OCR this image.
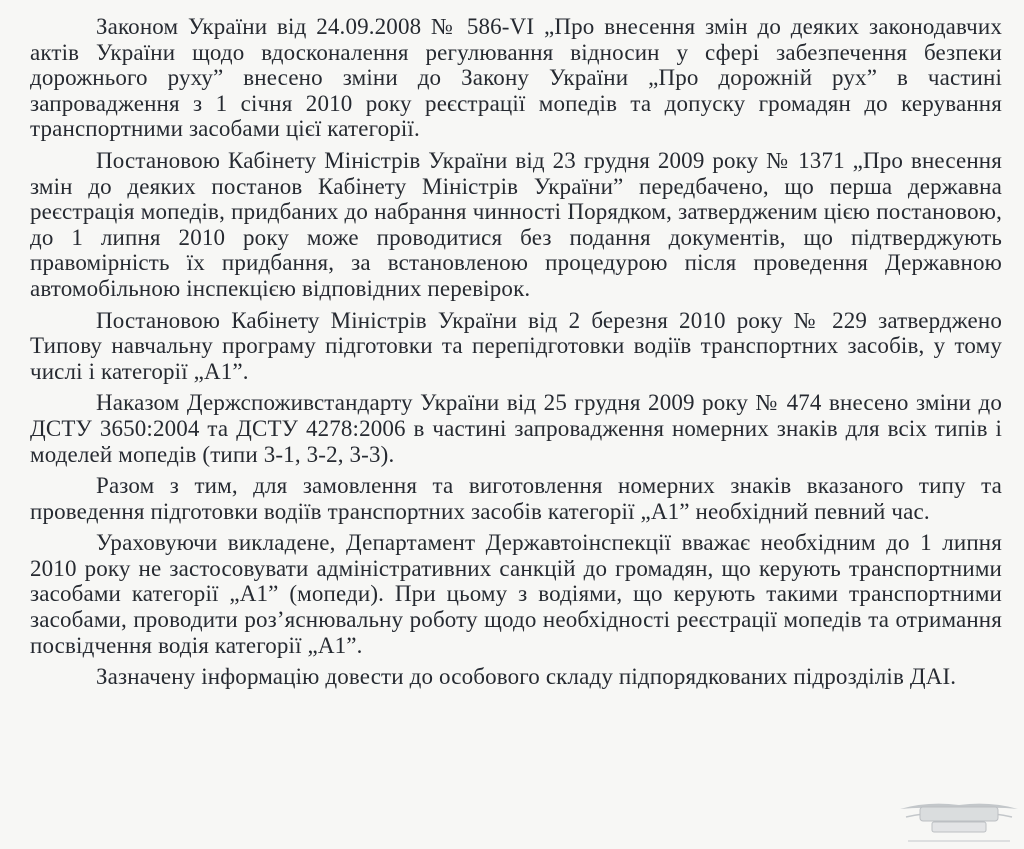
Законом України від 24.09.2008 № 586-VI „Про внесення змін до деяких законодавчих актів України щодо вдосконалення регулювання відносин у сфері забезпечення безпеки дорожнього руху” внесено зміни до Закону України „Про дорожній рух” в частині запровадження з 1 січня 2010 року реєстрації мопедів та допуску громадян до керування транспортними засобами цієї категорії.

Постановою Кабінету Міністрів України від 23 грудня 2009 року № 1371 „Про внесення змін до деяких постанов Кабінету Міністрів України” передбачено, що перша державна реєстрація мопедів, придбаних до набрання чинності Порядком, затвердженим цією постановою, до 1 липня 2010 року може проводитися без подання документів, що підтверджують правомірність їх придбання, за встановленою процедурою після проведення Державною автомобільною інспекцією відповідних перевірок.

Постановою Кабінету Міністрів України від 2 березня 2010 року № 229 затверджено Типову навчальну програму підготовки та перепідготовки водіїв транспортних засобів, у тому числі і категорії „А1”.

Наказом Держспоживстандарту України від 25 грудня 2009 року № 474 внесено зміни до ДСТУ 3650:2004 та ДСТУ 4278:2006 в частині запровадження номерних знаків для всіх типів і моделей мопедів (типи 3-1, 3-2, 3-3).

Разом з тим, для замовлення та виготовлення номерних знаків вказаного типу та проведення підготовки водіїв транспортних засобів категорії „А1” необхідний певний час.

Ураховуючи викладене, Департамент Державтоінспекції вважає необхідним до 1 липня 2010 року не застосовувати адміністративних санкцій до громадян, що керують транспортними засобами категорії „А1” (мопеди). При цьому з водіями, що керують такими транспортними засобами, проводити роз’яснювальну роботу щодо необхідності реєстрації мопедів та отримання посвідчення водія категорії „А1”.

Зазначену інформацію довести до особового складу підпорядкованих підрозділів ДАІ.
